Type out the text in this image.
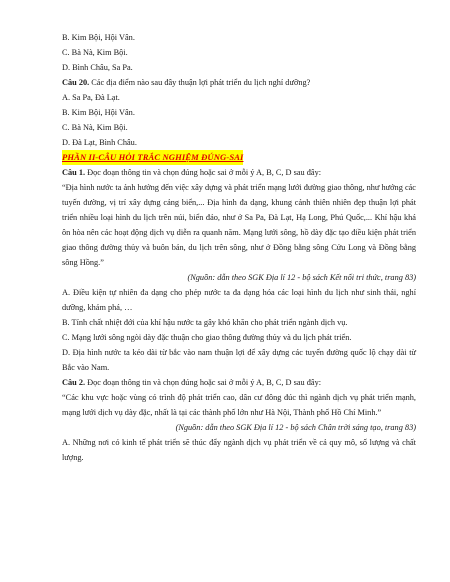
B. Kim Bội, Hội Vân.

C. Bà Nà, Kim Bội.

D. Bình Châu, Sa Pa.

Câu 20. Các địa điểm nào sau đây thuận lợi phát triển du lịch nghỉ dưỡng?

A. Sa Pa, Đà Lạt.

B. Kim Bội, Hội Vân.

C. Bà Nà, Kim Bội.

D. Đà Lạt, Bình Châu.

PHẦN II-CÂU HỎI TRẮC NGHIỆM ĐÚNG-SAI

Câu 1. Đọc đoạn thông tin và chọn đúng hoặc sai ở mỗi ý A, B, C, D sau đây:

“Địa hình nước ta ảnh hưởng đến việc xây dựng và phát triển mạng lưới đường giao thông, như hướng các tuyến đường, vị trí xây dựng cảng biển,... Địa hình đa dạng, khung cảnh thiên nhiên đẹp thuận lợi phát triển nhiều loại hình du lịch trên núi, biển đảo, như ở Sa Pa, Đà Lạt, Hạ Long, Phú Quốc,... Khí hậu khá ôn hòa nên các hoạt động dịch vụ diễn ra quanh năm. Mạng lưới sông, hồ dày đặc tạo điều kiện phát triển giao thông đường thủy và buôn bán, du lịch trên sông, như ở Đồng bằng sông Cửu Long và Đồng bằng sông Hồng.”

(Nguồn: dẫn theo SGK Địa lí 12 - bộ sách Kết nối tri thức, trang 83)

A. Điều kiện tự nhiên đa dạng cho phép nước ta đa dạng hóa các loại hình du lịch như sinh thái, nghỉ dưỡng, khám phá, …

B. Tính chất nhiệt đới của khí hậu nước ta gây khó khăn cho phát triển ngành dịch vụ.

C. Mạng lưới sông ngòi dày đặc thuận cho giao thông đường thủy và du lịch phát triển.

D. Địa hình nước ta kéo dài từ bắc vào nam thuận lợi để xây dựng các tuyến đường quốc lộ chạy dài từ Bắc vào Nam.

Câu 2. Đọc đoạn thông tin và chọn đúng hoặc sai ở mỗi ý A, B, C, D sau đây:

“Các khu vực hoặc vùng có trình độ phát triển cao, dân cư đông đúc thì ngành dịch vụ phát triển mạnh, mạng lưới dịch vụ dày đặc, nhất là tại các thành phố lớn như Hà Nội, Thành phố Hồ Chí Minh.”

(Nguồn: dẫn theo SGK Địa lí 12 - bộ sách Chân trời sáng tạo, trang 83)

A. Những nơi có kinh tế phát triển sẽ thúc đẩy ngành dịch vụ phát triển về cả quy mô, số lượng và chất lượng.
